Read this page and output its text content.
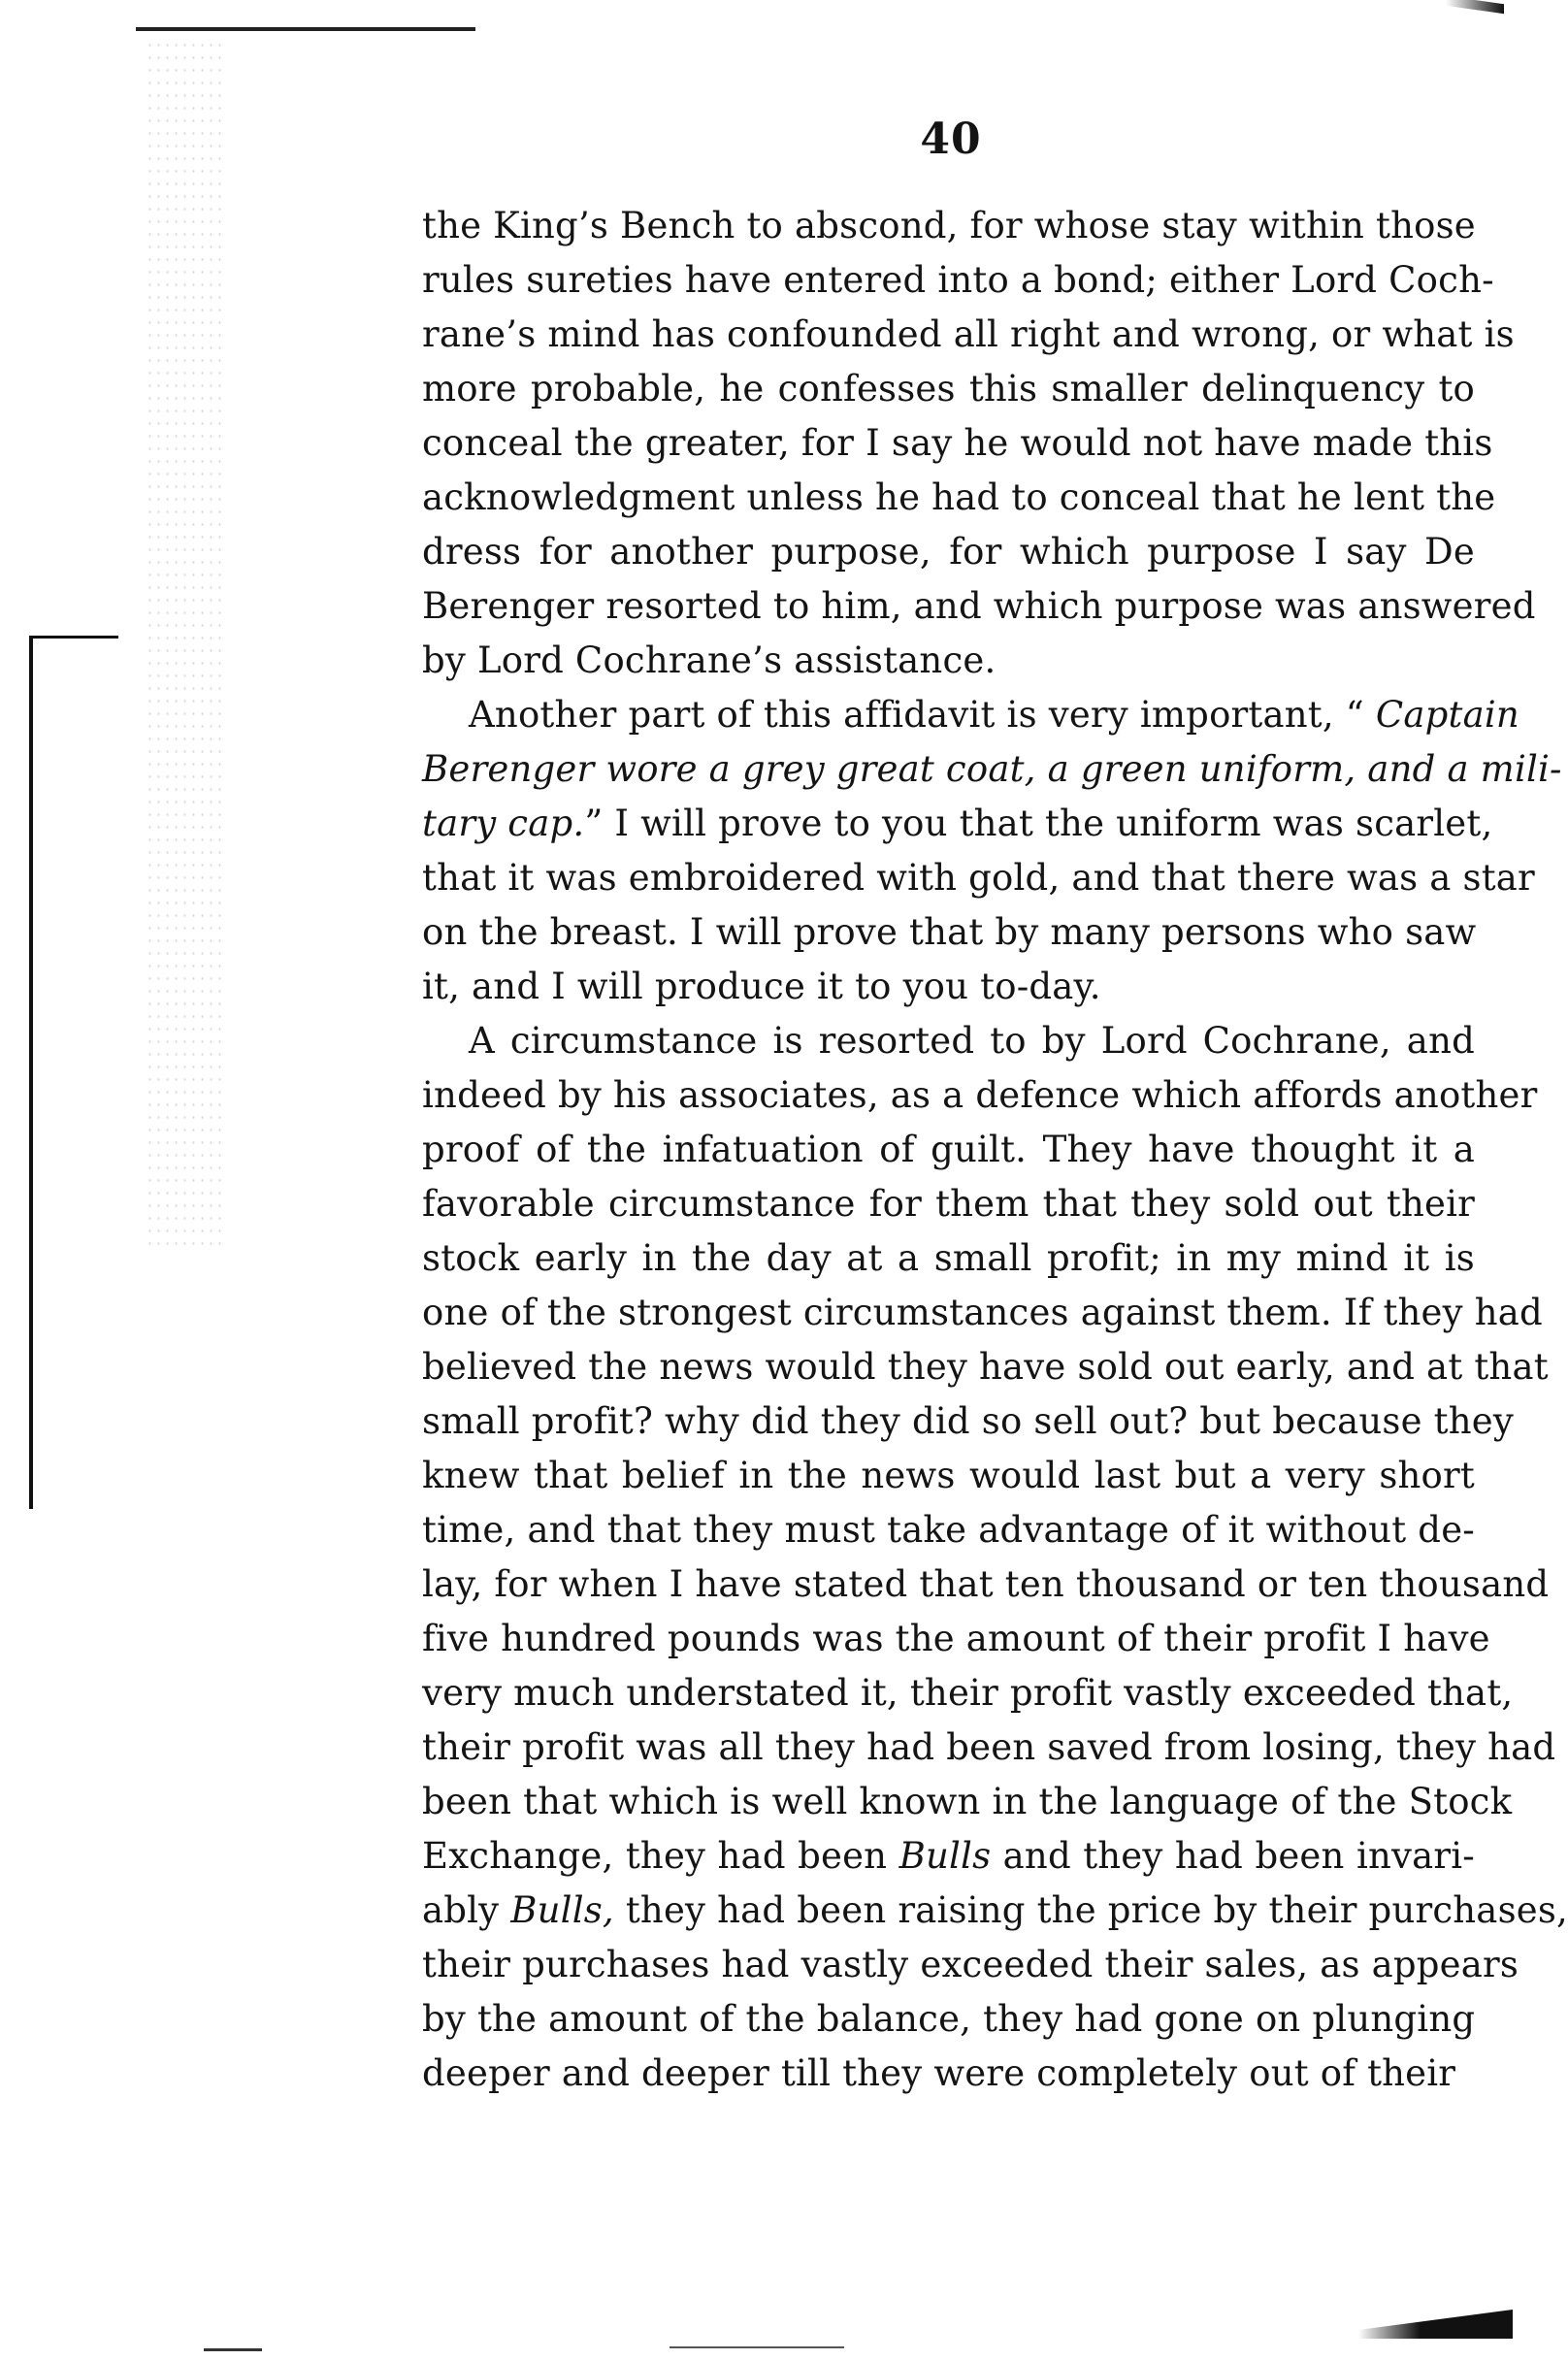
40
the King’s Bench to abscond, for whose stay within those
rules sureties have entered into a bond; either Lord Coch-
rane’s mind has confounded all right and wrong, or what is
more probable, he confesses this smaller delinquency to
conceal the greater, for I say he would not have made this
acknowledgment unless he had to conceal that he lent the
dress for another purpose, for which purpose I say De
Berenger resorted to him, and which purpose was answered
by Lord Cochrane’s assistance.
Another part of this affidavit is very important, “ Captain
Berenger wore a grey great coat, a green uniform, and a mili-
tary cap.” I will prove to you that the uniform was scarlet,
that it was embroidered with gold, and that there was a star
on the breast. I will prove that by many persons who saw
it, and I will produce it to you to-day.
A circumstance is resorted to by Lord Cochrane, and
indeed by his associates, as a defence which affords another
proof of the infatuation of guilt. They have thought it a
favorable circumstance for them that they sold out their
stock early in the day at a small profit; in my mind it is
one of the strongest circumstances against them. If they had
believed the news would they have sold out early, and at that
small profit? why did they did so sell out? but because they
knew that belief in the news would last but a very short
time, and that they must take advantage of it without de-
lay, for when I have stated that ten thousand or ten thousand
five hundred pounds was the amount of their profit I have
very much understated it, their profit vastly exceeded that,
their profit was all they had been saved from losing, they had
been that which is well known in the language of the Stock
Exchange, they had been Bulls and they had been invari-
ably Bulls, they had been raising the price by their purchases,
their purchases had vastly exceeded their sales, as appears
by the amount of the balance, they had gone on plunging
deeper and deeper till they were completely out of their
